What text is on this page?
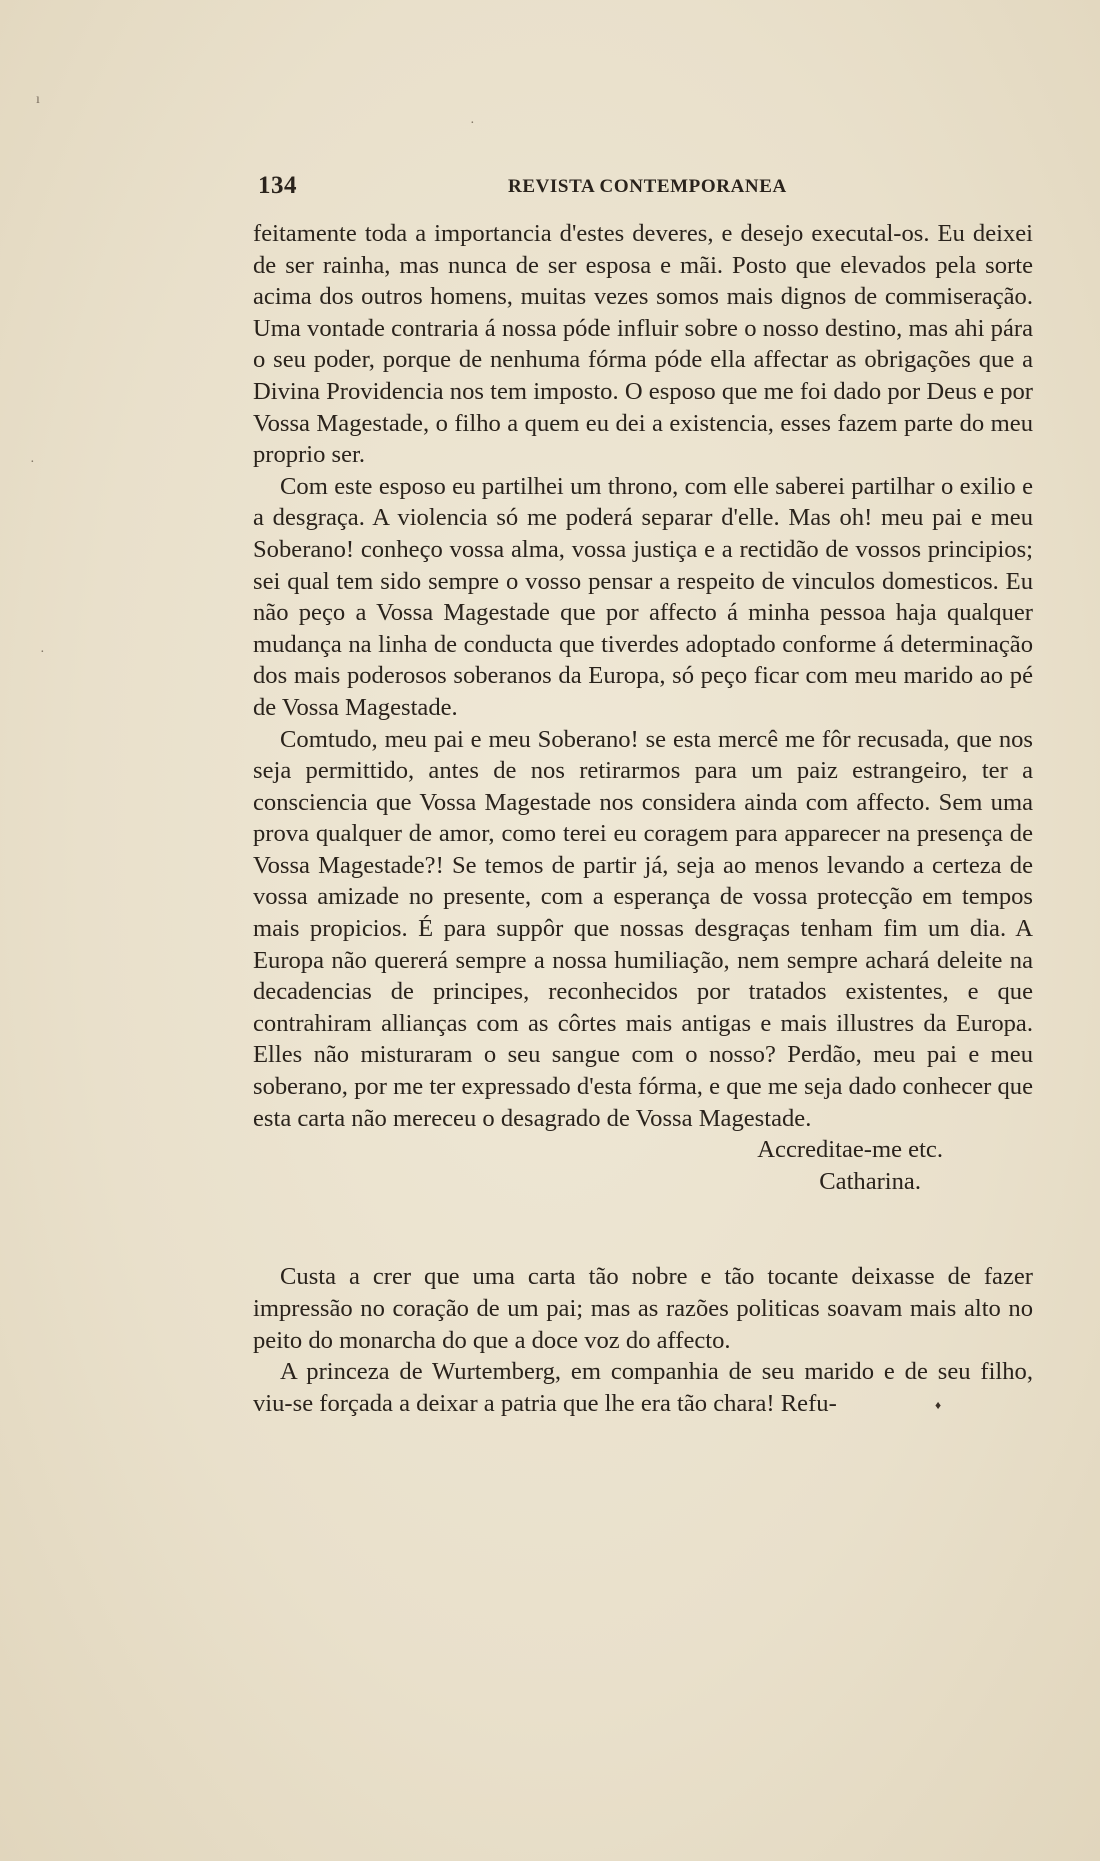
134	REVISTA CONTEMPORANEA

feitamente toda a importancia d'estes deveres, e desejo executal-os. Eu deixei de ser rainha, mas nunca de ser esposa e mãi. Posto que elevados pela sorte acima dos outros homens, muitas vezes somos mais dignos de commiseração. Uma vontade contraria á nossa póde influir sobre o nosso destino, mas ahi pára o seu poder, porque de nenhuma fórma póde ella affectar as obrigações que a Divina Providencia nos tem imposto. O esposo que me foi dado por Deus e por Vossa Magestade, o filho a quem eu dei a existencia, esses fazem parte do meu proprio ser.

Com este esposo eu partilhei um throno, com elle saberei partilhar o exilio e a desgraça. A violencia só me poderá separar d'elle. Mas oh! meu pai e meu Soberano! conheço vossa alma, vossa justiça e a rectidão de vossos principios; sei qual tem sido sempre o vosso pensar a respeito de vinculos domesticos. Eu não peço a Vossa Magestade que por affecto á minha pessoa haja qualquer mudança na linha de conducta que tiverdes adoptado conforme á determinação dos mais poderosos soberanos da Europa, só peço ficar com meu marido ao pé de Vossa Magestade.

Comtudo, meu pai e meu Soberano! se esta mercê me fôr recusada, que nos seja permittido, antes de nos retirarmos para um paiz estrangeiro, ter a consciencia que Vossa Magestade nos considera ainda com affecto. Sem uma prova qualquer de amor, como terei eu coragem para apparecer na presença de Vossa Magestade?! Se temos de partir já, seja ao menos levando a certeza de vossa amizade no presente, com a esperança de vossa protecção em tempos mais propicios. É para suppôr que nossas desgraças tenham fim um dia. A Europa não quererá sempre a nossa humiliação, nem sempre achará deleite na decadencias de principes, reconhecidos por tratados existentes, e que contrahiram allianças com as côrtes mais antigas e mais illustres da Europa. Elles não misturaram o seu sangue com o nosso? Perdão, meu pai e meu soberano, por me ter expressado d'esta fórma, e que me seja dado conhecer que esta carta não mereceu o desagrado de Vossa Magestade.

Accreditae-me etc.

Catharina.

Custa a crer que uma carta tão nobre e tão tocante deixasse de fazer impressão no coração de um pai; mas as razões politicas soavam mais alto no peito do monarcha do que a doce voz do affecto.

A princeza de Wurtemberg, em companhia de seu marido e de seu filho, viu-se forçada a deixar a patria que lhe era tão chara! Refu-	♦
ı
·
·
·
